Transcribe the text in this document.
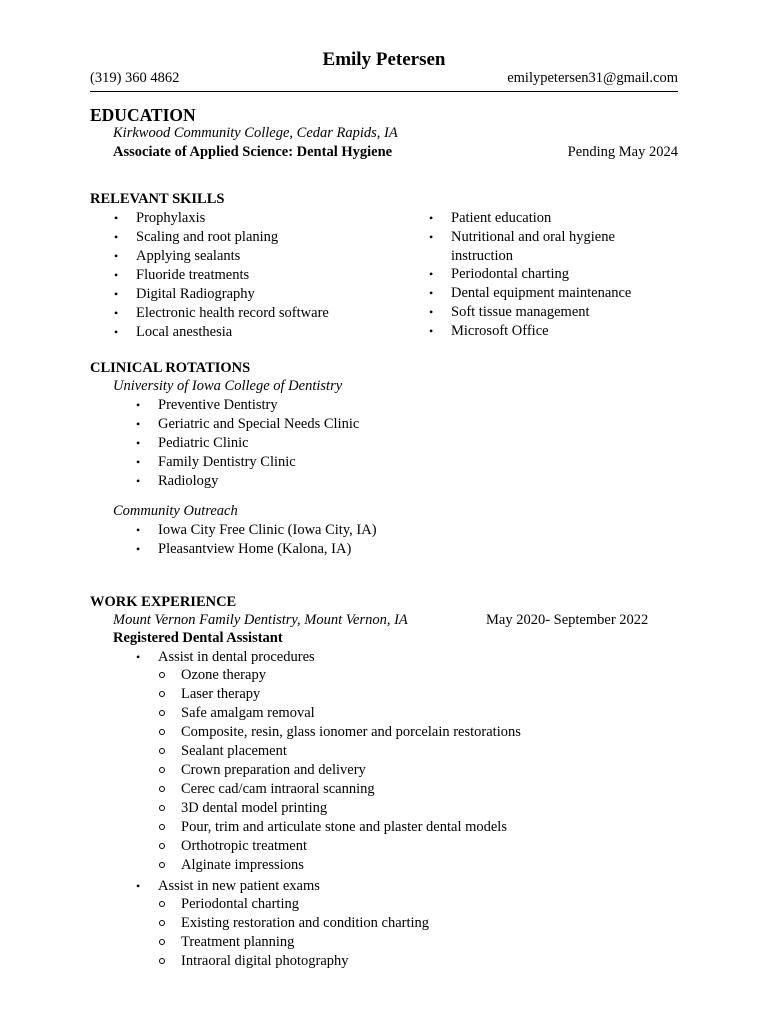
Emily Petersen
(319) 360 4862	emilypetersen31@gmail.com
EDUCATION
Kirkwood Community College, Cedar Rapids, IA
Associate of Applied Science: Dental Hygiene	Pending May 2024
RELEVANT SKILLS
• Prophylaxis
• Scaling and root planing
• Applying sealants
• Fluoride treatments
• Digital Radiography
• Electronic health record software
• Local anesthesia
• Patient education
• Nutritional and oral hygiene
instruction
• Periodontal charting
• Dental equipment maintenance
• Soft tissue management
• Microsoft Office
CLINICAL ROTATIONS
University of Iowa College of Dentistry
• Preventive Dentistry
• Geriatric and Special Needs Clinic
• Pediatric Clinic
• Family Dentistry Clinic
• Radiology
Community Outreach
• Iowa City Free Clinic (Iowa City, IA)
• Pleasantview Home (Kalona, IA)
WORK EXPERIENCE
Mount Vernon Family Dentistry, Mount Vernon, IA	May 2020- September 2022
Registered Dental Assistant
• Assist in dental procedures
Ozone therapy
Laser therapy
Safe amalgam removal
Composite, resin, glass ionomer and porcelain restorations
Sealant placement
Crown preparation and delivery
Cerec cad/cam intraoral scanning
3D dental model printing
Pour, trim and articulate stone and plaster dental models
Orthotropic treatment
Alginate impressions
• Assist in new patient exams
Periodontal charting
Existing restoration and condition charting
Treatment planning
Intraoral digital photography
